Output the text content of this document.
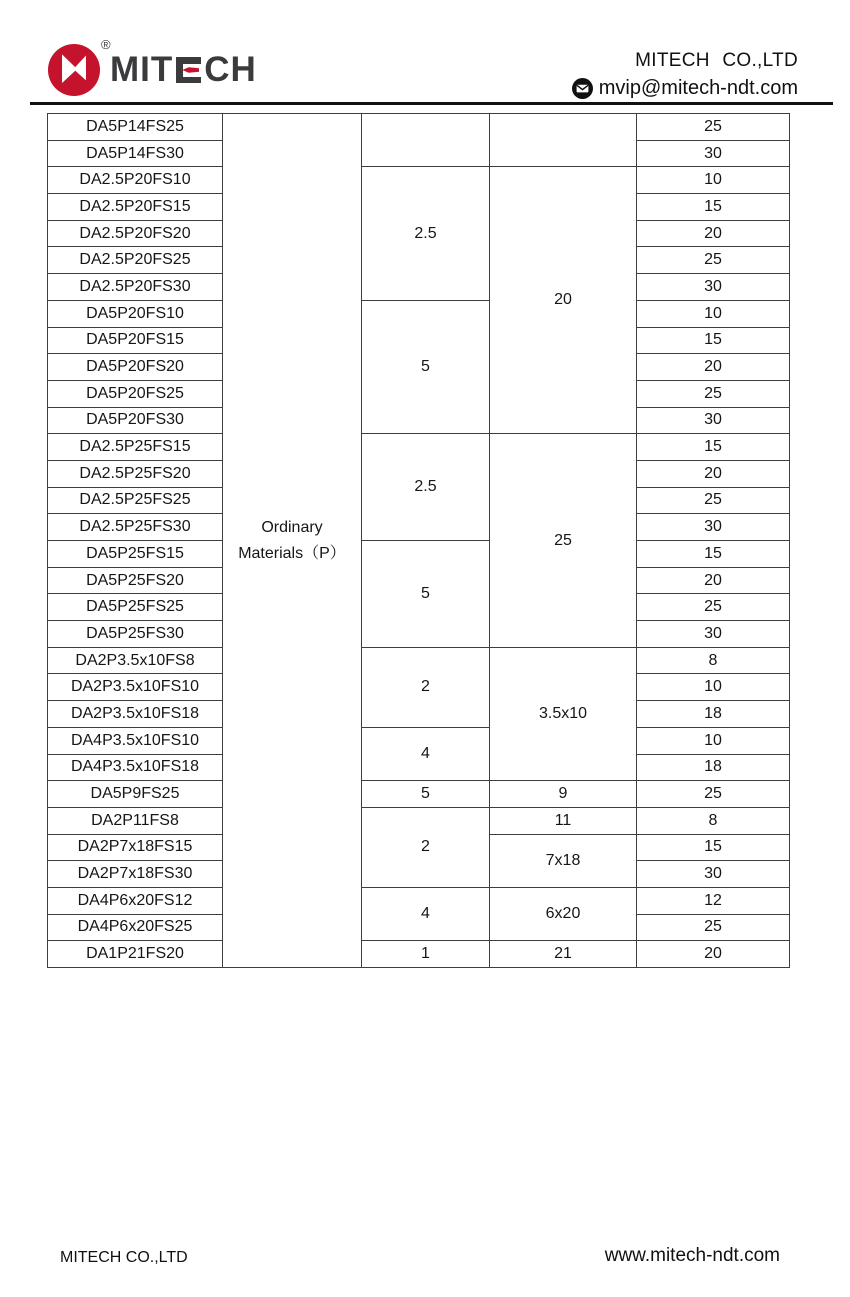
®
MIT CH	MITECH CO.,LTD
mvip@mitech-ndt.com
DA5P14FS25	Ordinary Materials（P）			25
DA5P14FS30				30
DA2.5P20FS10		2.5	20	10
DA2.5P20FS15				15
DA2.5P20FS20				20
DA2.5P20FS25				25
DA2.5P20FS30				30
DA5P20FS10		5		10
DA5P20FS15				15
DA5P20FS20				20
DA5P20FS25				25
DA5P20FS30				30
DA2.5P25FS15		2.5	25	15
DA2.5P25FS20				20
DA2.5P25FS25				25
DA2.5P25FS30				30
DA5P25FS15		5		15
DA5P25FS20				20
DA5P25FS25				25
DA5P25FS30				30
DA2P3.5x10FS8		2	3.5x10	8
DA2P3.5x10FS10				10
DA2P3.5x10FS18				18
DA4P3.5x10FS10		4		10
DA4P3.5x10FS18				18
DA5P9FS25		5	9	25
DA2P11FS8		2	11	8
DA2P7x18FS15			7x18	15
DA2P7x18FS30				30
DA4P6x20FS12		4	6x20	12
DA4P6x20FS25				25
DA1P21FS20		1	21	20
MITECH CO.,LTD	www.mitech-ndt.com
